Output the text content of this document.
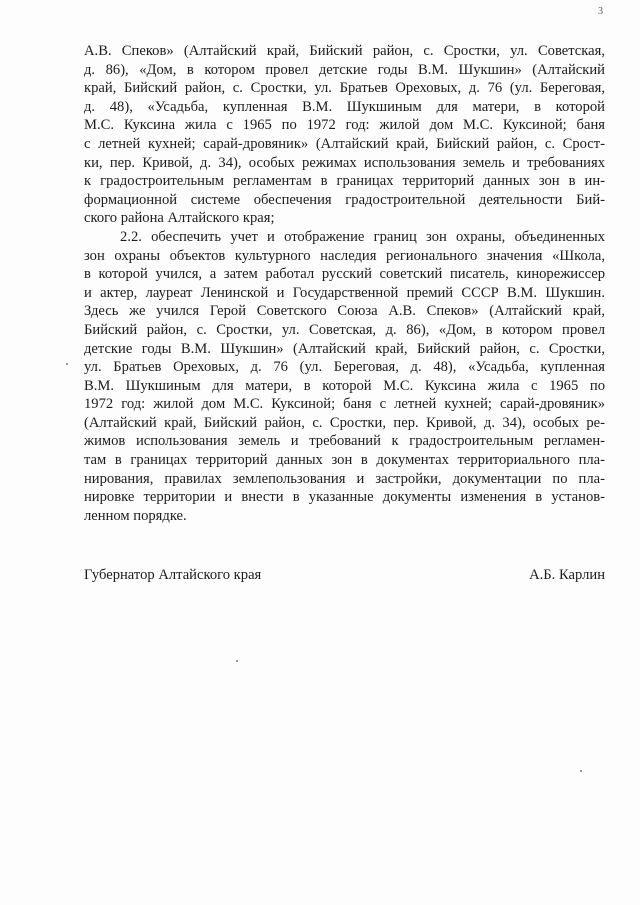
3
А.В. Спеков» (Алтайский край, Бийский район, с. Сростки, ул. Советская,
д. 86), «Дом, в котором провел детские годы В.М. Шукшин» (Алтайский
край, Бийский район, с. Сростки, ул. Братьев Ореховых, д. 76 (ул. Береговая,
д. 48), «Усадьба, купленная В.М. Шукшиным для матери, в которой
М.С. Куксина жила с 1965 по 1972 год: жилой дом М.С. Куксиной; баня
с летней кухней; сарай-дровяник» (Алтайский край, Бийский район, с. Срост-
ки, пер. Кривой, д. 34), особых режимах использования земель и требованиях
к градостроительным регламентам в границах территорий данных зон в ин-
формационной системе обеспечения градостроительной деятельности Бий-
ского района Алтайского края;
2.2. обеспечить учет и отображение границ зон охраны, объединенных
зон охраны объектов культурного наследия регионального значения «Школа,
в которой учился, а затем работал русский советский писатель, кинорежиссер
и актер, лауреат Ленинской и Государственной премий СССР В.М. Шукшин.
Здесь же учился Герой Советского Союза А.В. Спеков» (Алтайский край,
Бийский район, с. Сростки, ул. Советская, д. 86), «Дом, в котором провел
детские годы В.М. Шукшин» (Алтайский край, Бийский район, с. Сростки,
ул. Братьев Ореховых, д. 76 (ул. Береговая, д. 48), «Усадьба, купленная
В.М. Шукшиным для матери, в которой М.С. Куксина жила с 1965 по
1972 год: жилой дом М.С. Куксиной; баня с летней кухней; сарай-дровяник»
(Алтайский край, Бийский район, с. Сростки, пер. Кривой, д. 34), особых ре-
жимов использования земель и требований к градостроительным регламен-
там в границах территорий данных зон в документах территориального пла-
нирования, правилах землепользования и застройки, документации по пла-
нировке территории и внести в указанные документы изменения в установ-
ленном порядке.
Губернатор Алтайского края	А.Б. Карлин
